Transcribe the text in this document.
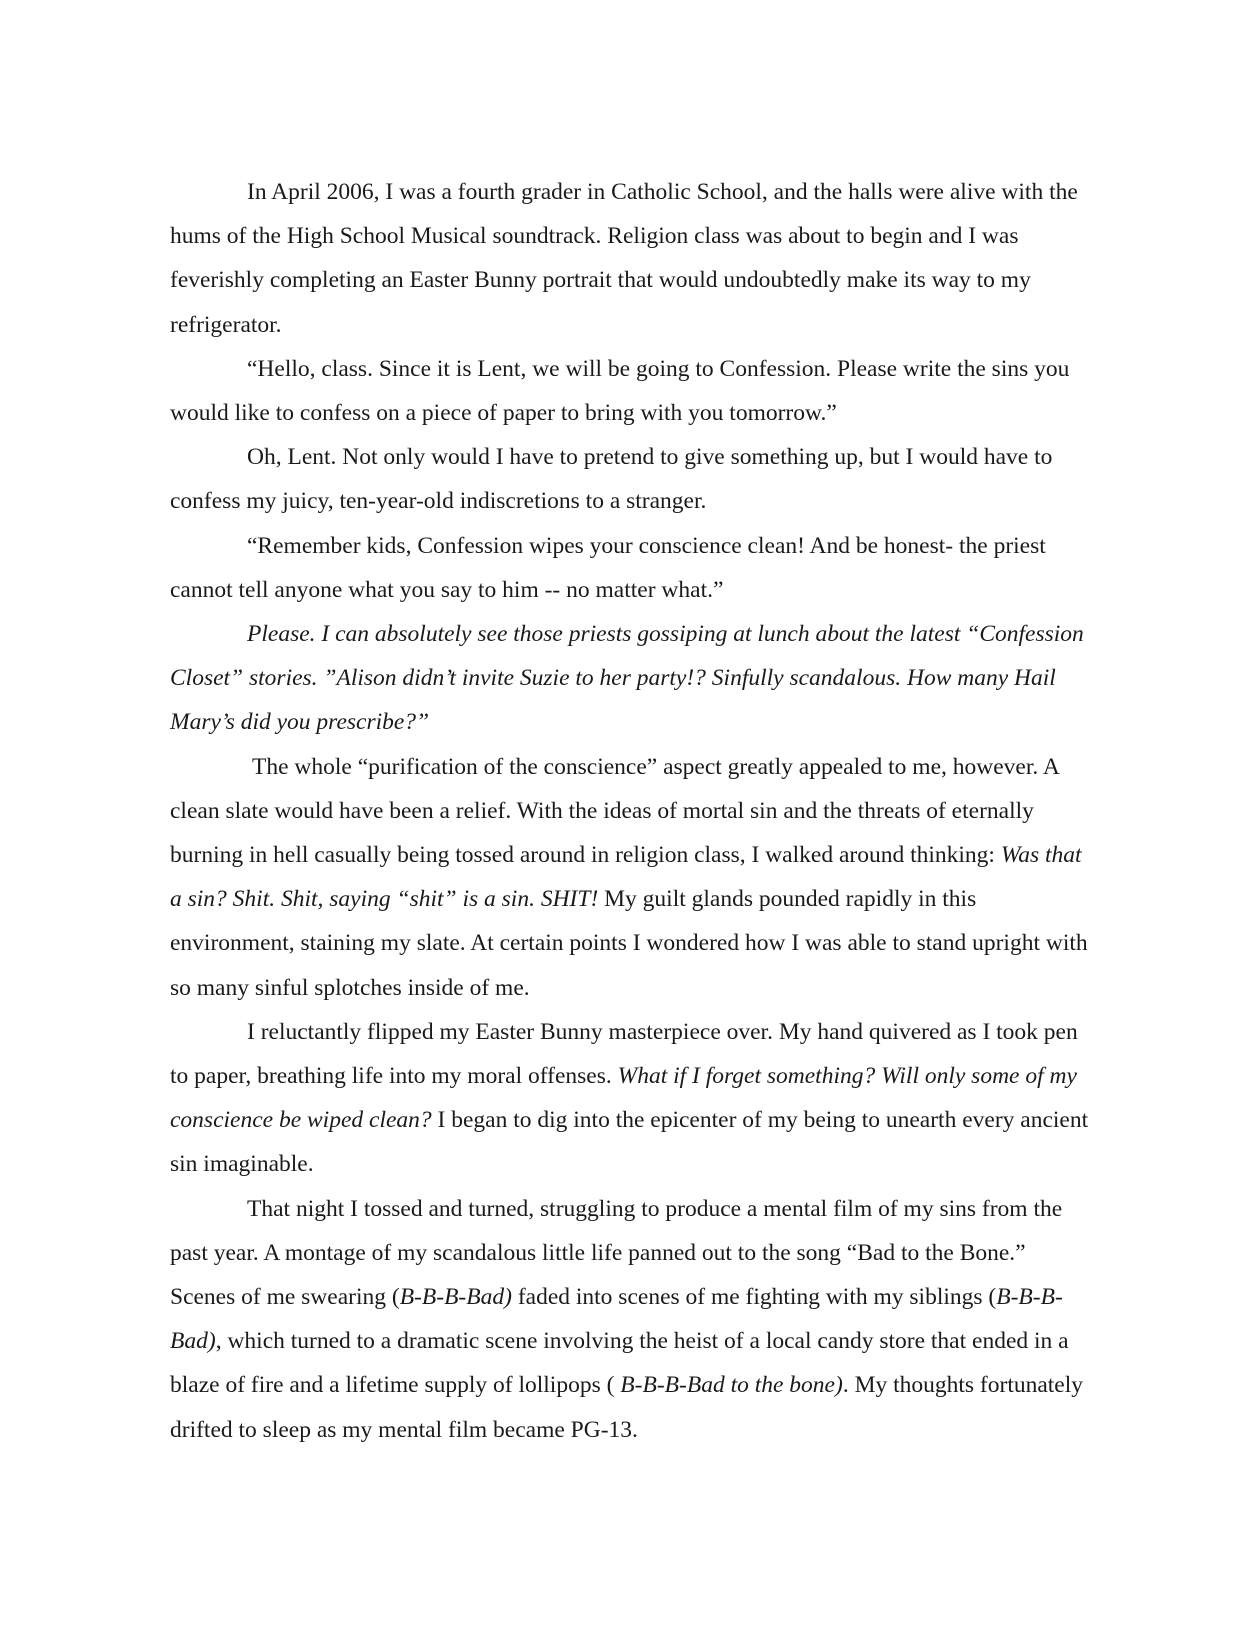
In April 2006, I was a fourth grader in Catholic School, and the halls were alive with the hums of the High School Musical soundtrack. Religion class was about to begin and I was feverishly completing an Easter Bunny portrait that would undoubtedly make its way to my refrigerator.

“Hello, class. Since it is Lent, we will be going to Confession. Please write the sins you would like to confess on a piece of paper to bring with you tomorrow.”

Oh, Lent. Not only would I have to pretend to give something up, but I would have to confess my juicy, ten-year-old indiscretions to a stranger.

“Remember kids, Confession wipes your conscience clean! And be honest- the priest cannot tell anyone what you say to him -- no matter what.”

Please. I can absolutely see those priests gossiping at lunch about the latest “Confession Closet” stories. ”Alison didn’t invite Suzie to her party!? Sinfully scandalous. How many Hail Mary’s did you prescribe?”

The whole “purification of the conscience” aspect greatly appealed to me, however. A clean slate would have been a relief. With the ideas of mortal sin and the threats of eternally burning in hell casually being tossed around in religion class, I walked around thinking: Was that a sin? Shit. Shit, saying “shit” is a sin. SHIT! My guilt glands pounded rapidly in this environment, staining my slate. At certain points I wondered how I was able to stand upright with so many sinful splotches inside of me.

I reluctantly flipped my Easter Bunny masterpiece over. My hand quivered as I took pen to paper, breathing life into my moral offenses. What if I forget something? Will only some of my conscience be wiped clean? I began to dig into the epicenter of my being to unearth every ancient sin imaginable.

That night I tossed and turned, struggling to produce a mental film of my sins from the past year. A montage of my scandalous little life panned out to the song “Bad to the Bone.” Scenes of me swearing (B-B-B-Bad) faded into scenes of me fighting with my siblings (B-B-B-Bad), which turned to a dramatic scene involving the heist of a local candy store that ended in a blaze of fire and a lifetime supply of lollipops ( B-B-B-Bad to the bone). My thoughts fortunately drifted to sleep as my mental film became PG-13.
